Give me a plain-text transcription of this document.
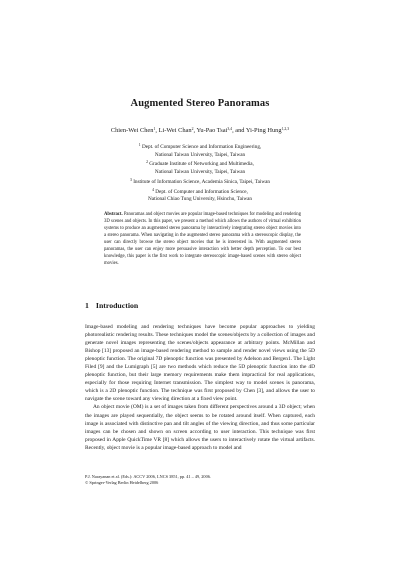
Augmented Stereo Panoramas
Chien-Wei Chen$^1$, Li-Wei Chan$^2$, Yu-Pao Tsai$^{3,4}$, and Yi-Ping Hung$^{1,2,3}$
$^1$ Dept. of Computer Science and Information Engineering,
National Taiwan University, Taipei, Taiwan
$^2$ Graduate Institute of Networking and Multimedia,
National Taiwan University, Taipei, Taiwan
$^3$ Institute of Information Science, Academia Sinica, Taipei, Taiwan
$^4$ Dept. of Computer and Information Science,
National Chiao Tung University, Hsinchu, Taiwan
Abstract. Panoramas and object movies are popular image-based techniques for modeling and rendering 3D scenes and objects. In this paper, we present a method which allows the authors of virtual exhibition systems to produce an augmented stereo panorama by interactively integrating stereo object movies into a stereo panorama. When navigating in the augmented stereo panorama with a stereoscopic display, the user can directly browse the stereo object movies that he is interested in. With augmented stereo panoramas, the user can enjoy more persuasive interaction with better depth perception. To our best knowledge, this paper is the first work to integrate stereoscopic image-based scenes with stereo object movies.
1 Introduction

Image-based modeling and rendering techniques have become popular approaches to yielding photorealistic rendering results. These techniques model the scenes/objects by a collection of images and generate novel images representing the scenes/objects appearance at arbitrary points. McMillan and Bishop [13] proposed an image-based rendering method to sample and render novel views using the 5D plenoptic function. The original 7D plenoptic function was presented by Adelson and Bergen1. The Light Filed [9] and the Lumigraph [5] are two methods which reduce the 5D plenoptic function into the 4D plenoptic function, but their large memory requirements make them impractical for real applications, especially for those requiring Internet transmission. The simplest way to model scenes is panorama, which is a 2D plenoptic function. The technique was first proposed by Chen [3], and allows the user to navigate the scene toward any viewing direction at a fixed view point.

An object movie (OM) is a set of images taken from different perspectives around a 3D object; when the images are played sequentially, the object seems to be rotated around itself. When captured, each image is associated with distinctive pan and tilt angles of the viewing direction, and thus some particular images can be chosen and shown on screen according to user interaction. This technique was first proposed in Apple QuickTime VR [8] which allows the users to interactively rotate the virtual artifacts. Recently, object movie is a popular image-based approach to model and

P.J. Narayanan et al. (Eds.): ACCV 2006, LNCS 3851, pp. 41 – 49, 2006.
© Springer-Verlag Berlin Heidelberg 2006
